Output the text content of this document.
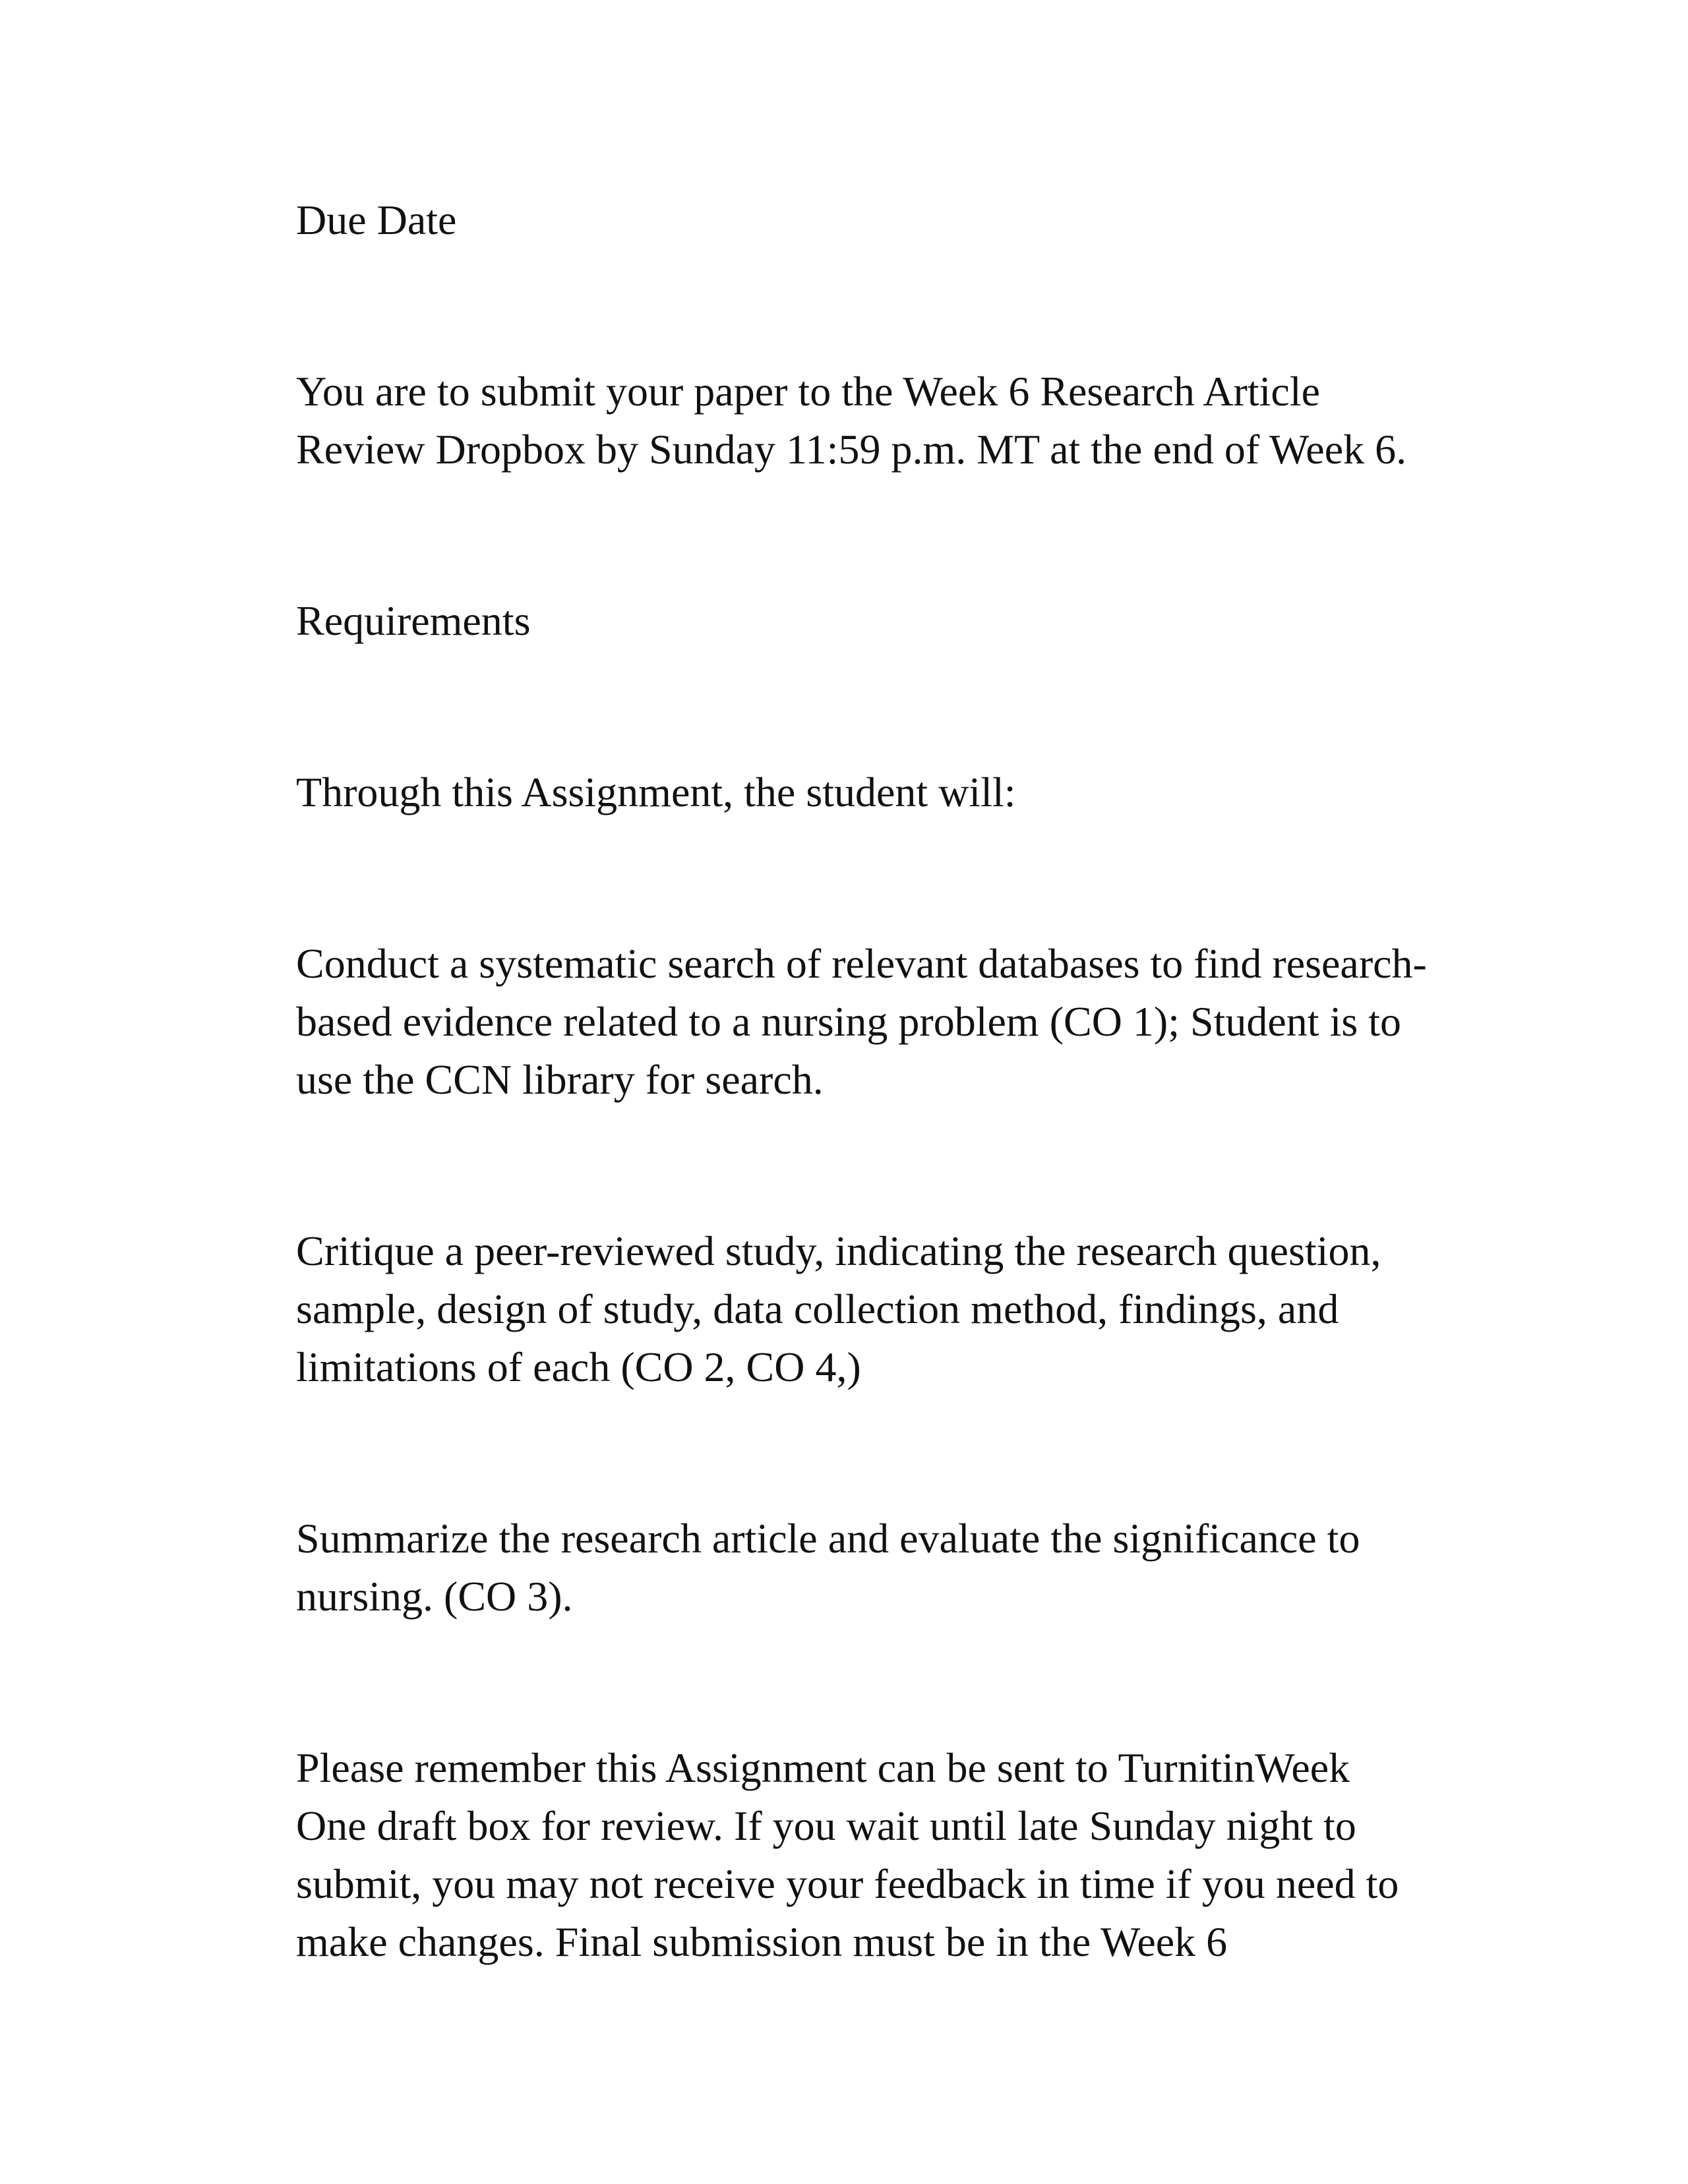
Due Date

You are to submit your paper to the Week 6 Research Article
Review Dropbox by Sunday 11:59 p.m. MT at the end of Week 6.

Requirements

Through this Assignment, the student will:

Conduct a systematic search of relevant databases to find research-
based evidence related to a nursing problem (CO 1); Student is to
use the CCN library for search.

Critique a peer-reviewed study, indicating the research question,
sample, design of study, data collection method, findings, and
limitations of each (CO 2, CO 4,)

Summarize the research article and evaluate the significance to
nursing. (CO 3).

Please remember this Assignment can be sent to TurnitinWeek
One draft box for review. If you wait until late Sunday night to
submit, you may not receive your feedback in time if you need to
make changes. Final submission must be in the Week 6
